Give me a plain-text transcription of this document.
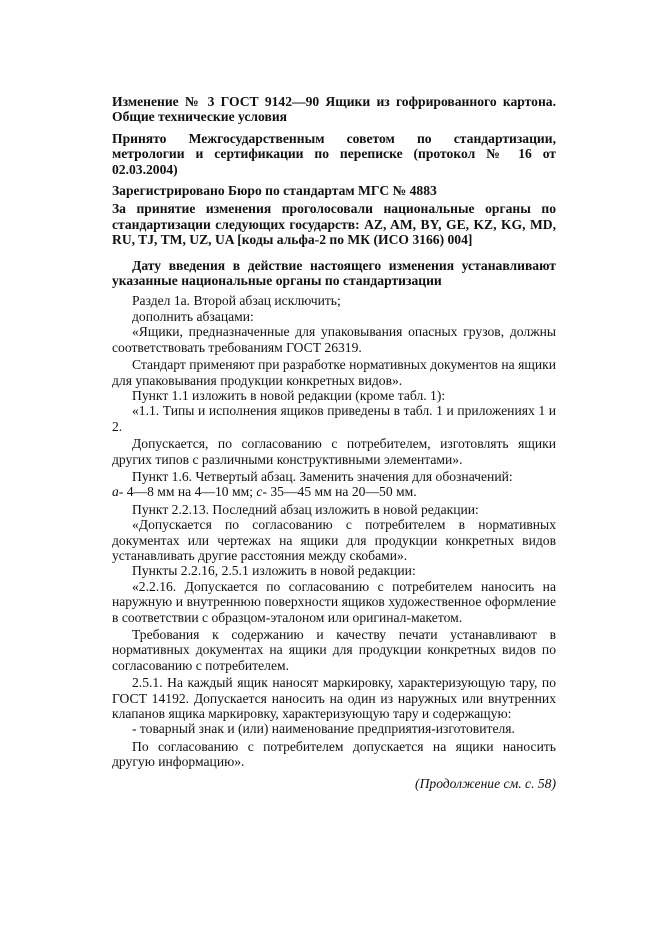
Изменение № 3 ГОСТ 9142—90 Ящики из гофрированного картона. Общие технические условия

Принято Межгосударственным советом по стандартизации, метрологии и сертификации по переписке (протокол № 16 от 02.03.2004)

Зарегистрировано Бюро по стандартам МГС № 4883

За принятие изменения проголосовали национальные органы по стандартизации следующих государств: AZ, AM, BY, GE, KZ, KG, MD, RU, TJ, TM, UZ, UA [коды альфа-2 по МК (ИСО 3166) 004]

Дату введения в действие настоящего изменения устанавливают указанные национальные органы по стандартизации

Раздел 1а. Второй абзац исключить;

дополнить абзацами:

«Ящики, предназначенные для упаковывания опасных грузов, должны соответствовать требованиям ГОСТ 26319.

Стандарт применяют при разработке нормативных документов на ящики для упаковывания продукции конкретных видов».

Пункт 1.1 изложить в новой редакции (кроме табл. 1):

«1.1. Типы и исполнения ящиков приведены в табл. 1 и приложениях 1 и 2.

Допускается, по согласованию с потребителем, изготовлять ящики других типов с различными конструктивными элементами».

Пункт 1.6. Четвертый абзац. Заменить значения для обозначений:

a- 4—8 мм на 4—10 мм; c- 35—45 мм на 20—50 мм.

Пункт 2.2.13. Последний абзац изложить в новой редакции:

«Допускается по согласованию с потребителем в нормативных документах или чертежах на ящики для продукции конкретных видов устанавливать другие расстояния между скобами».

Пункты 2.2.16, 2.5.1 изложить в новой редакции:

«2.2.16. Допускается по согласованию с потребителем наносить на наружную и внутреннюю поверхности ящиков художественное оформление в соответствии с образцом-эталоном или оригинал-макетом.

Требования к содержанию и качеству печати устанавливают в нормативных документах на ящики для продукции конкретных видов по согласованию с потребителем.

2.5.1. На каждый ящик наносят маркировку, характеризующую тару, по ГОСТ 14192. Допускается наносить на один из наружных или внутренних клапанов ящика маркировку, характеризующую тару и содержащую:

- товарный знак и (или) наименование предприятия-изготовителя.

По согласованию с потребителем допускается на ящики наносить другую информацию».

(Продолжение см. с. 58)
